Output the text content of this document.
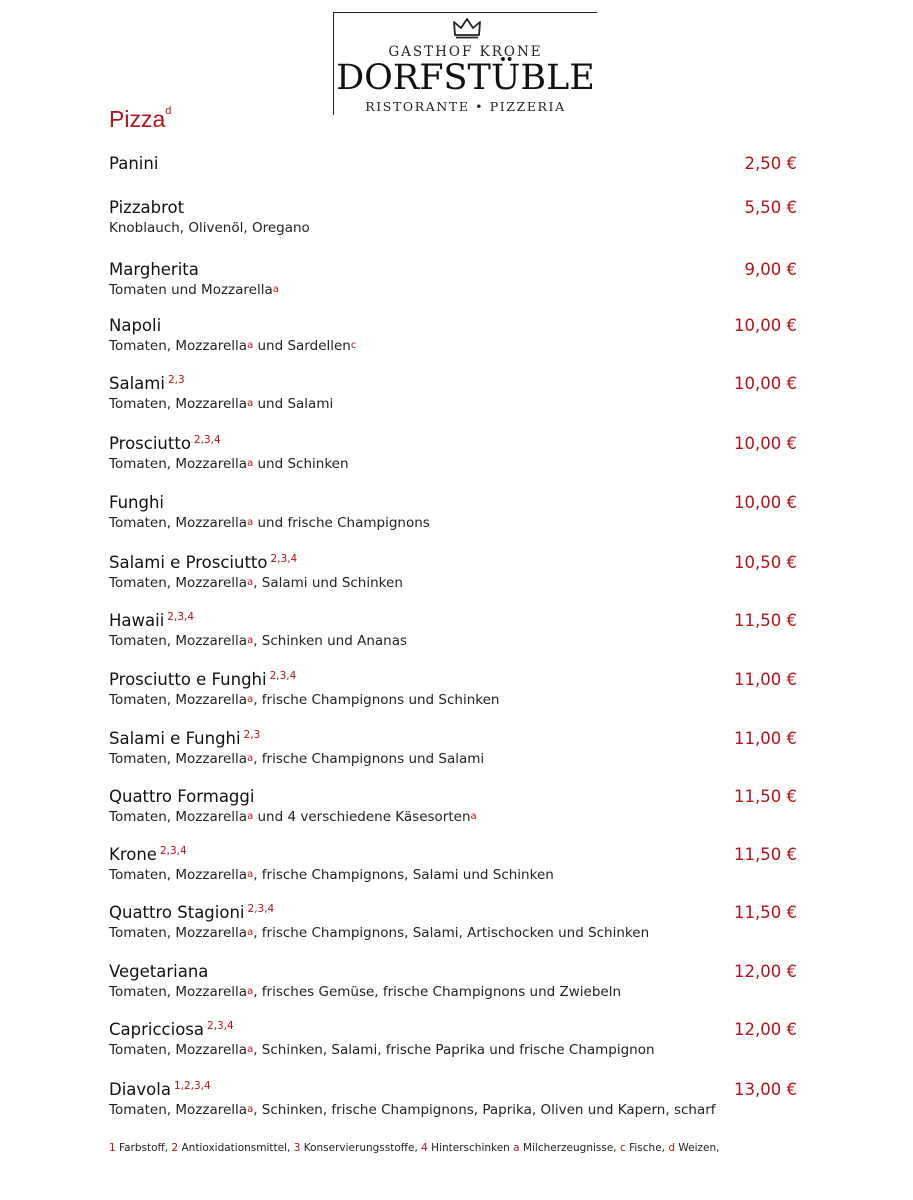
GASTHOF KRONE
DORFSTÜBLE
RISTORANTE • PIZZERIA
Pizza$^d$
Panini	2,50 €
Pizzabrot
Knoblauch, Olivenöl, Oregano
5,50 €
Margherita
Tomaten und Mozzarella$^a$
9,00 €
Napoli
Tomaten, Mozzarella$^a$ und Sardellen$^c$
10,00 €
Salami $^{2,3}$
Tomaten, Mozzarella$^a$ und Salami
10,00 €
Prosciutto $^{2,3,4}$
Tomaten, Mozzarella$^a$ und Schinken
10,00 €
Funghi
Tomaten, Mozzarella$^a$ und frische Champignons
10,00 €
Salami e Prosciutto $^{2,3,4}$
Tomaten, Mozzarella$^a$, Salami und Schinken
10,50 €
Hawaii $^{2,3,4}$
Tomaten, Mozzarella$^a$, Schinken und Ananas
11,50 €
Prosciutto e Funghi $^{2,3,4}$
Tomaten, Mozzarella$^a$, frische Champignons und Schinken
11,00 €
Salami e Funghi $^{2,3}$
Tomaten, Mozzarella$^a$, frische Champignons und Salami
11,00 €
Quattro Formaggi
Tomaten, Mozzarella$^a$ und 4 verschiedene Käsesorten$^a$
11,50 €
Krone $^{2,3,4}$
Tomaten, Mozzarella$^a$, frische Champignons, Salami und Schinken
11,50 €
Quattro Stagioni $^{2,3,4}$
Tomaten, Mozzarella$^a$, frische Champignons, Salami, Artischocken und Schinken
11,50 €
Vegetariana
Tomaten, Mozzarella$^a$, frisches Gemüse, frische Champignons und Zwiebeln
12,00 €
Capricciosa $^{2,3,4}$
Tomaten, Mozzarella$^a$, Schinken, Salami, frische Paprika und frische Champignon
12,00 €
Diavola $^{1,2,3,4}$
Tomaten, Mozzarella$^a$, Schinken, frische Champignons, Paprika, Oliven und Kapern, scharf
13,00 €
1 Farbstoff, 2 Antioxidationsmittel, 3 Konservierungsstoffe, 4 Hinterschinken a Milcherzeugnisse, c Fische, d Weizen,
